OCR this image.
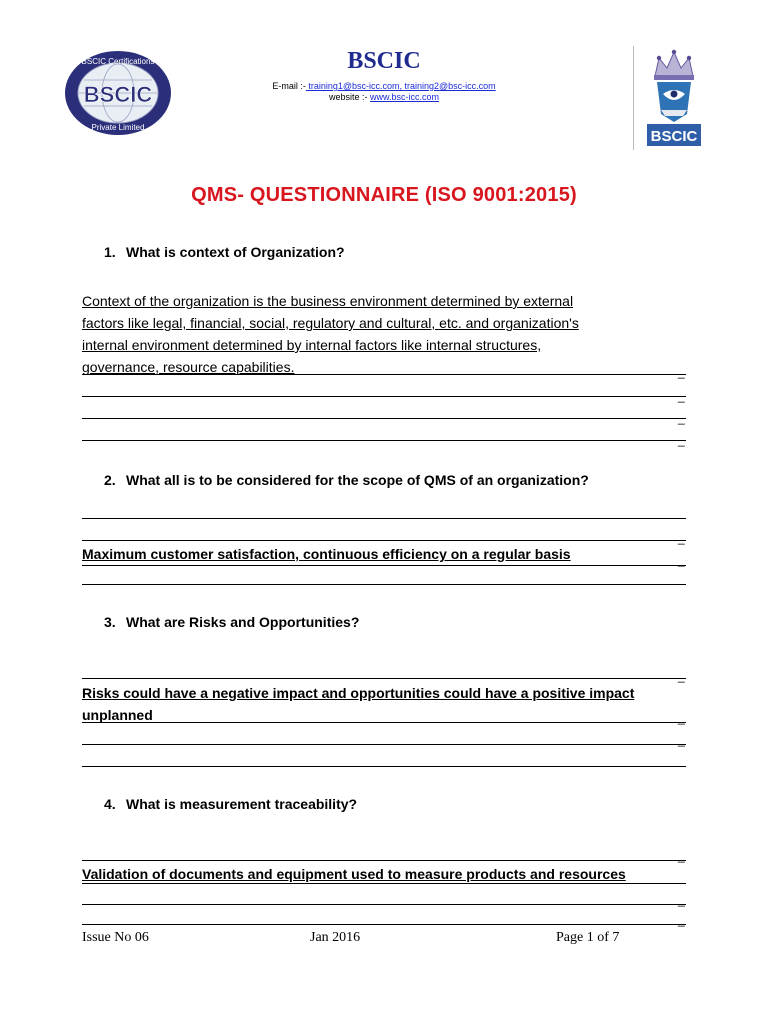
BSCIC
BSCIC Certifications
Private Limited
BSCIC
E-mail :- training1@bsc-icc.com, training2@bsc-icc.com
website :- www.bsc-icc.com
BSCIC
QMS- QUESTIONNAIRE (ISO 9001:2015)
1. What is context of Organization?
Context of the organization is the business environment determined by external
factors like legal, financial, social, regulatory and cultural, etc. and organization's
internal environment determined by internal factors like internal structures,
governance, resource capabilities.	_
_
_
_
2. What all is to be considered for the scope of QMS of an organization?
_
Maximum customer satisfaction, continuous efficiency on a regular basis	_
3. What are Risks and Opportunities?
_
Risks could have a negative impact and opportunities could have a positive impact
unplanned	_
_
4. What is measurement traceability?
_
Validation of documents and equipment used to measure products and resources
_
_
Issue No 06	Jan 2016	Page 1 of 7
